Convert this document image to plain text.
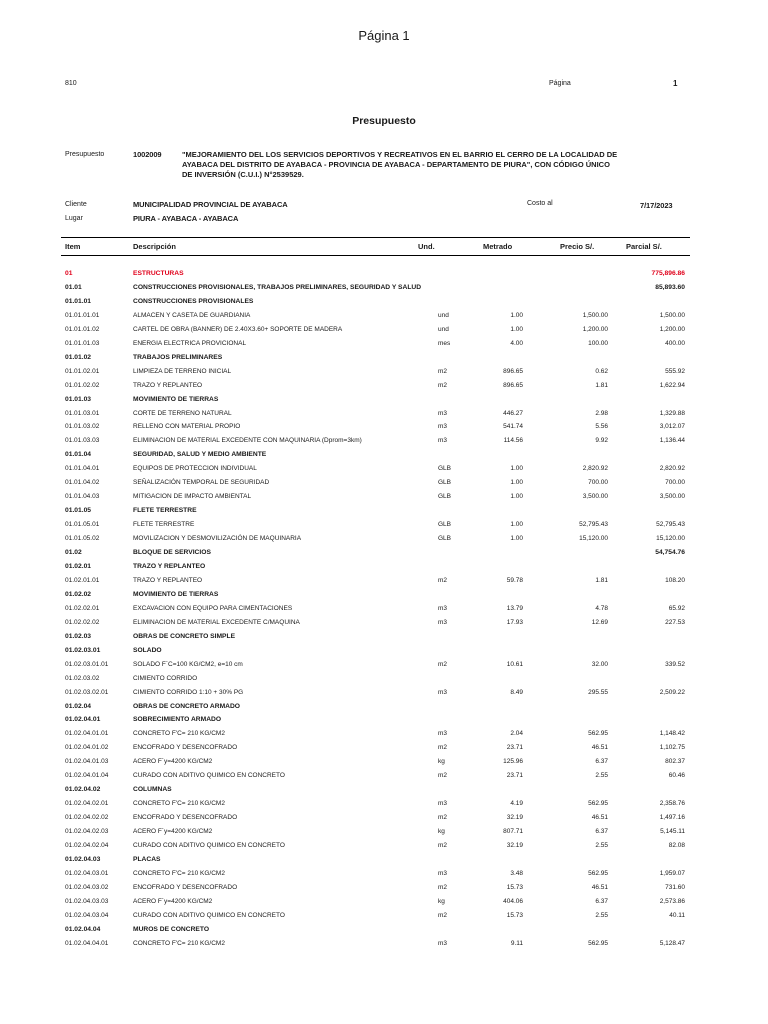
Página 1
810	Página	1
Presupuesto
Presupuesto	1002009	"MEJORAMIENTO DEL LOS SERVICIOS DEPORTIVOS Y RECREATIVOS EN EL BARRIO EL CERRO DE LA LOCALIDAD DE
AYABACA DEL DISTRITO DE AYABACA - PROVINCIA DE AYABACA - DEPARTAMENTO DE PIURA", CON CÓDIGO ÚNICO
DE INVERSIÓN (C.U.I.) N°2539529.
Cliente	MUNICIPALIDAD PROVINCIAL DE AYABACA	Costo al	7/17/2023
Lugar	PIURA - AYABACA - AYABACA
Item	Descripción	Und.	Metrado	Precio S/.	Parcial S/.
01	ESTRUCTURAS	775,896.86
01.01	CONSTRUCCIONES PROVISIONALES, TRABAJOS PRELIMINARES, SEGURIDAD Y SALUD	85,893.60
01.01.01	CONSTRUCCIONES PROVISIONALES
01.01.01.01	ALMACEN Y CASETA DE GUARDIANIA	und	1.00	1,500.00	1,500.00
01.01.01.02	CARTEL DE OBRA (BANNER) DE 2.40X3.60+ SOPORTE DE MADERA	und	1.00	1,200.00	1,200.00
01.01.01.03	ENERGIA ELECTRICA PROVICIONAL	mes	4.00	100.00	400.00
01.01.02	TRABAJOS PRELIMINARES
01.01.02.01	LIMPIEZA DE TERRENO INICIAL	m2	896.65	0.62	555.92
01.01.02.02	TRAZO Y REPLANTEO	m2	896.65	1.81	1,622.94
01.01.03	MOVIMIENTO DE TIERRAS
01.01.03.01	CORTE DE TERRENO NATURAL	m3	446.27	2.98	1,329.88
01.01.03.02	RELLENO CON MATERIAL PROPIO	m3	541.74	5.56	3,012.07
01.01.03.03	ELIMINACION DE MATERIAL EXCEDENTE CON MAQUINARIA (Dprom=3km)	m3	114.56	9.92	1,136.44
01.01.04	SEGURIDAD, SALUD Y MEDIO AMBIENTE
01.01.04.01	EQUIPOS DE PROTECCION INDIVIDUAL	GLB	1.00	2,820.92	2,820.92
01.01.04.02	SEÑALIZACIÓN TEMPORAL DE SEGURIDAD	GLB	1.00	700.00	700.00
01.01.04.03	MITIGACION DE IMPACTO AMBIENTAL	GLB	1.00	3,500.00	3,500.00
01.01.05	FLETE TERRESTRE
01.01.05.01	FLETE TERRESTRE	GLB	1.00	52,795.43	52,795.43
01.01.05.02	MOVILIZACION Y DESMOVILIZACIÓN DE MAQUINARIA	GLB	1.00	15,120.00	15,120.00
01.02	BLOQUE DE SERVICIOS	54,754.76
01.02.01	TRAZO Y REPLANTEO
01.02.01.01	TRAZO Y REPLANTEO	m2	59.78	1.81	108.20
01.02.02	MOVIMIENTO DE TIERRAS
01.02.02.01	EXCAVACION CON EQUIPO PARA CIMENTACIONES	m3	13.79	4.78	65.92
01.02.02.02	ELIMINACION DE MATERIAL EXCEDENTE C/MAQUINA	m3	17.93	12.69	227.53
01.02.03	OBRAS DE CONCRETO SIMPLE
01.02.03.01	SOLADO
01.02.03.01.01	SOLADO F`C=100 KG/CM2, e=10 cm	m2	10.61	32.00	339.52
01.02.03.02	CIMIENTO CORRIDO
01.02.03.02.01	CIMIENTO CORRIDO 1:10 + 30% PG	m3	8.49	295.55	2,509.22
01.02.04	OBRAS DE CONCRETO ARMADO
01.02.04.01	SOBRECIMIENTO ARMADO
01.02.04.01.01	CONCRETO F'C= 210 KG/CM2	m3	2.04	562.95	1,148.42
01.02.04.01.02	ENCOFRADO Y DESENCOFRADO	m2	23.71	46.51	1,102.75
01.02.04.01.03	ACERO F´y=4200 KG/CM2	kg	125.96	6.37	802.37
01.02.04.01.04	CURADO CON ADITIVO QUIMICO EN CONCRETO	m2	23.71	2.55	60.46
01.02.04.02	COLUMNAS
01.02.04.02.01	CONCRETO F'C= 210 KG/CM2	m3	4.19	562.95	2,358.76
01.02.04.02.02	ENCOFRADO Y DESENCOFRADO	m2	32.19	46.51	1,497.16
01.02.04.02.03	ACERO F´y=4200 KG/CM2	kg	807.71	6.37	5,145.11
01.02.04.02.04	CURADO CON ADITIVO QUIMICO EN CONCRETO	m2	32.19	2.55	82.08
01.02.04.03	PLACAS
01.02.04.03.01	CONCRETO F'C= 210 KG/CM2	m3	3.48	562.95	1,959.07
01.02.04.03.02	ENCOFRADO Y DESENCOFRADO	m2	15.73	46.51	731.60
01.02.04.03.03	ACERO F´y=4200 KG/CM2	kg	404.06	6.37	2,573.86
01.02.04.03.04	CURADO CON ADITIVO QUIMICO EN CONCRETO	m2	15.73	2.55	40.11
01.02.04.04	MUROS DE CONCRETO
01.02.04.04.01	CONCRETO F'C= 210 KG/CM2	m3	9.11	562.95	5,128.47
